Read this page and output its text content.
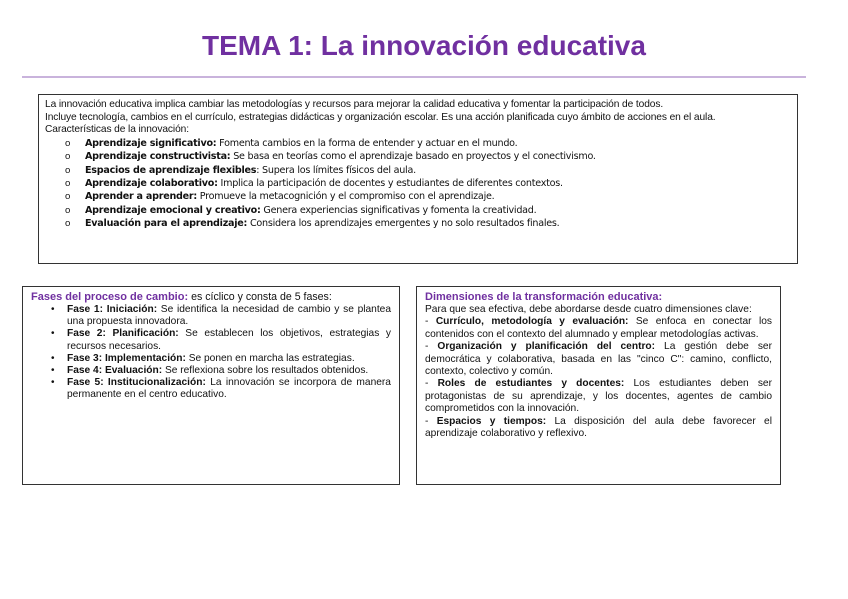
TEMA 1: La innovación educativa

La innovación educativa implica cambiar las metodologías y recursos para mejorar la calidad educativa y fomentar la participación de todos.

Incluye tecnología, cambios en el currículo, estrategias didácticas y organización escolar. Es una acción planificada cuyo ámbito de acciones en el aula.

Características de la innovación:

o Aprendizaje significativo: Fomenta cambios en la forma de entender y actuar en el mundo.
o Aprendizaje constructivista: Se basa en teorías como el aprendizaje basado en proyectos y el conectivismo.
o Espacios de aprendizaje flexibles: Supera los límites físicos del aula.
o Aprendizaje colaborativo: Implica la participación de docentes y estudiantes de diferentes contextos.
o Aprender a aprender: Promueve la metacognición y el compromiso con el aprendizaje.
o Aprendizaje emocional y creativo: Genera experiencias significativas y fomenta la creatividad.
o Evaluación para el aprendizaje: Considera los aprendizajes emergentes y no solo resultados finales.

Fases del proceso de cambio: es cíclico y consta de 5 fases:

• Fase 1: Iniciación: Se identifica la necesidad de cambio y se plantea una propuesta innovadora.
• Fase 2: Planificación: Se establecen los objetivos, estrategias y recursos necesarios.
• Fase 3: Implementación: Se ponen en marcha las estrategias.
• Fase 4: Evaluación: Se reflexiona sobre los resultados obtenidos.
• Fase 5: Institucionalización: La innovación se incorpora de manera permanente en el centro educativo.
Dimensiones de la transformación educativa:

Para que sea efectiva, debe abordarse desde cuatro dimensiones clave:

- Currículo, metodología y evaluación: Se enfoca en conectar los contenidos con el contexto del alumnado y emplear metodologías activas.

- Organización y planificación del centro: La gestión debe ser democrática y colaborativa, basada en las "cinco C": camino, conflicto, contexto, colectivo y común.

- Roles de estudiantes y docentes: Los estudiantes deben ser protagonistas de su aprendizaje, y los docentes, agentes de cambio comprometidos con la innovación.

- Espacios y tiempos: La disposición del aula debe favorecer el aprendizaje colaborativo y reflexivo.
